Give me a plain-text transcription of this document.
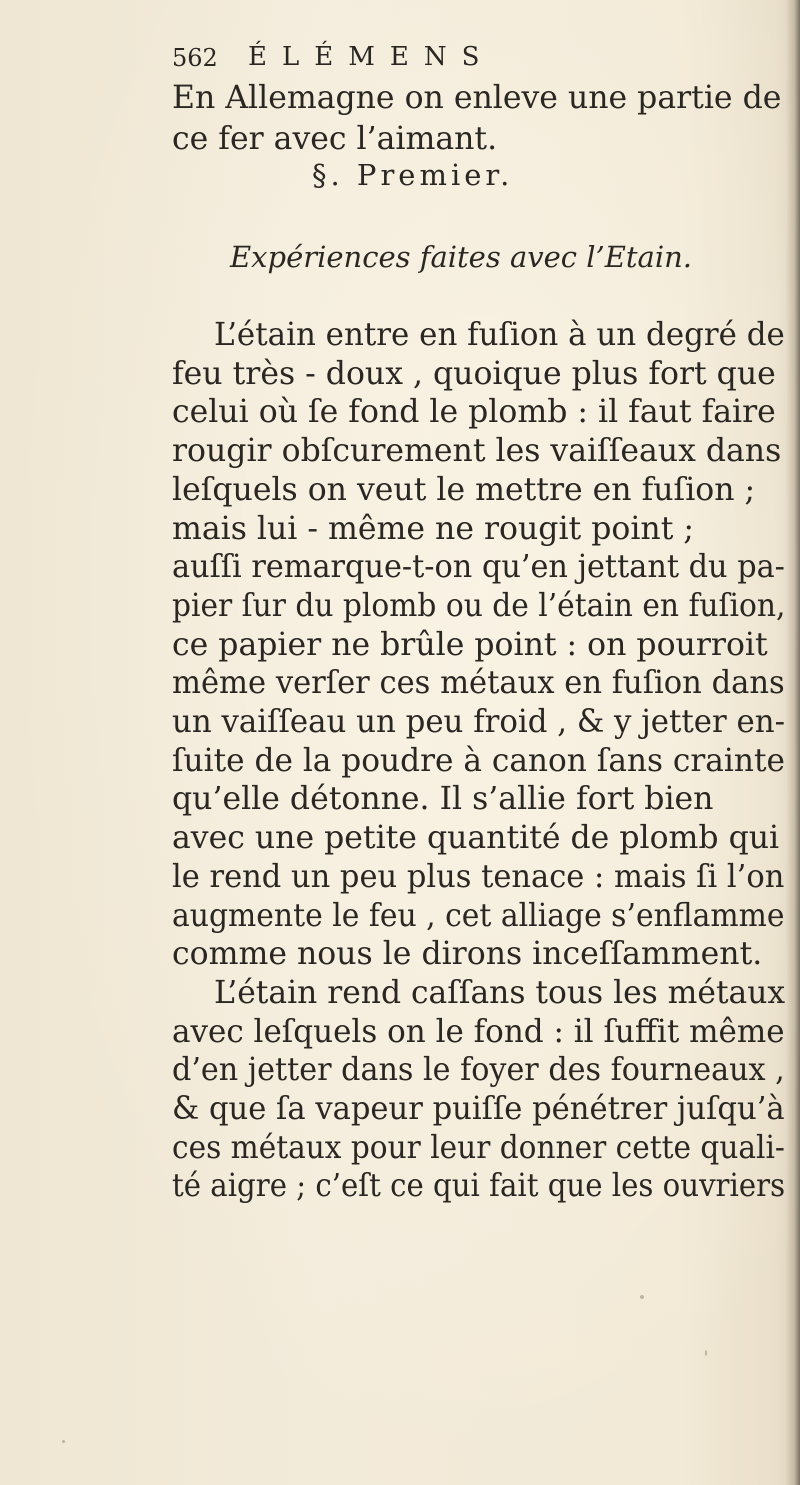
562 ÉLÉMENS
En Allemagne on enleve une partie de
ce fer avec l’aimant.
§. Premier.
Expériences faites avec l’Etain.
L’étain entre en fuſion à un degré de
feu très - doux , quoique plus fort que
celui où ſe fond le plomb : il faut faire
rougir obſcurement les vaiſſeaux dans
leſquels on veut le mettre en fuſion ;
mais lui - même ne rougit point ;
auſſi remarque-t-on qu’en jettant du pa-
pier ſur du plomb ou de l’étain en fuſion,
ce papier ne brûle point : on pourroit
même verſer ces métaux en fuſion dans
un vaiſſeau un peu froid , & y jetter en-
ſuite de la poudre à canon ſans crainte
qu’elle détonne. Il s’allie fort bien
avec une petite quantité de plomb qui
le rend un peu plus tenace : mais ſi l’on
augmente le feu , cet alliage s’enflamme
comme nous le dirons inceſſamment.
L’étain rend caſſans tous les métaux
avec leſquels on le fond : il ſuffit même
d’en jetter dans le foyer des fourneaux ,
& que ſa vapeur puiſſe pénétrer juſqu’à
ces métaux pour leur donner cette quali-
té aigre ; c’eſt ce qui fait que les ouvriers
